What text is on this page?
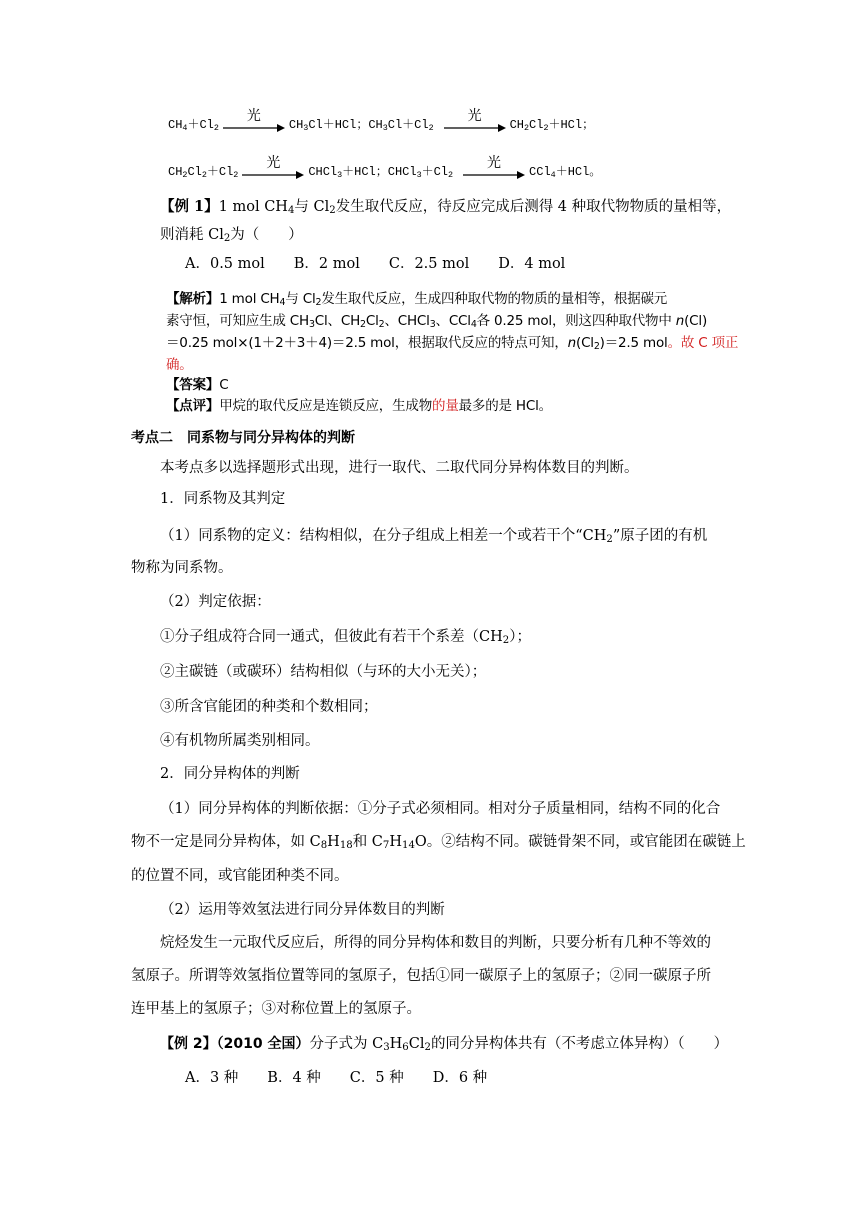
$CH_4+Cl_2$
光
$CH_3Cl+HCl$；$CH_3Cl+Cl_2$
光
$CH_2Cl_2+HCl$；
$CH_2Cl_2+Cl_2$
光
CHCl$_3$＋HCl；$CHCl_3+Cl_2$
光
CCl$_4$＋HCl。
【例 1】1 mol $CH_4$与 $Cl_2$发生取代反应，待反应完成后测得 4 种取代物物质的量相等，
则消耗 $Cl_2$为（　　）
A．0.5 mol　　B．2 mol　　C．2.5 mol　　D．4 mol
【解析】1 mol $CH_4$与 $Cl_2$发生取代反应，生成四种取代物的物质的量相等，根据碳元
素守恒，可知应生成 $CH_3Cl$、$CH_2Cl_2$、CHCl$_3$、CCl$_4$各 0.25 mol，则这四种取代物中 n(Cl)
＝0.25 mol×(1＋2＋3＋4)＝2.5 mol，根据取代反应的特点可知，$n(Cl_2)=2.5$ mol。故 C 项正
确。
【答案】C
【点评】甲烷的取代反应是连锁反应，生成物的量最多的是 HCl。
考点二　同系物与同分异构体的判断
本考点多以选择题形式出现，进行一取代、二取代同分异构体数目的判断。
1．同系物及其判定
（1）同系物的定义：结构相似，在分子组成上相差一个或若干个“$CH_2$”原子团的有机
物称为同系物。
（2）判定依据：
①分子组成符合同一通式，但彼此有若干个系差$(CH_2)$；
②主碳链（或碳环）结构相似（与环的大小无关）；
③所含官能团的种类和个数相同；
④有机物所属类别相同。
2．同分异构体的判断
（1）同分异构体的判断依据：①分子式必须相同。相对分子质量相同，结构不同的化合
物不一定是同分异构体，如 $C_8H_{18}$和 $C_7H_{14}O$。②结构不同。碳链骨架不同，或官能团在碳链上
的位置不同，或官能团种类不同。
（2）运用等效氢法进行同分异体数目的判断
烷烃发生一元取代反应后，所得的同分异构体和数目的判断，只要分析有几种不等效的
氢原子。所谓等效氢指位置等同的氢原子，包括①同一碳原子上的氢原子；②同一碳原子所
连甲基上的氢原子；③对称位置上的氢原子。
【例 2】（2010 全国）分子式为 $C_3H_6Cl_2$的同分异构体共有（不考虑立体异构）（　　）
A．3 种　　B．4 种　　C．5 种　　D．6 种
